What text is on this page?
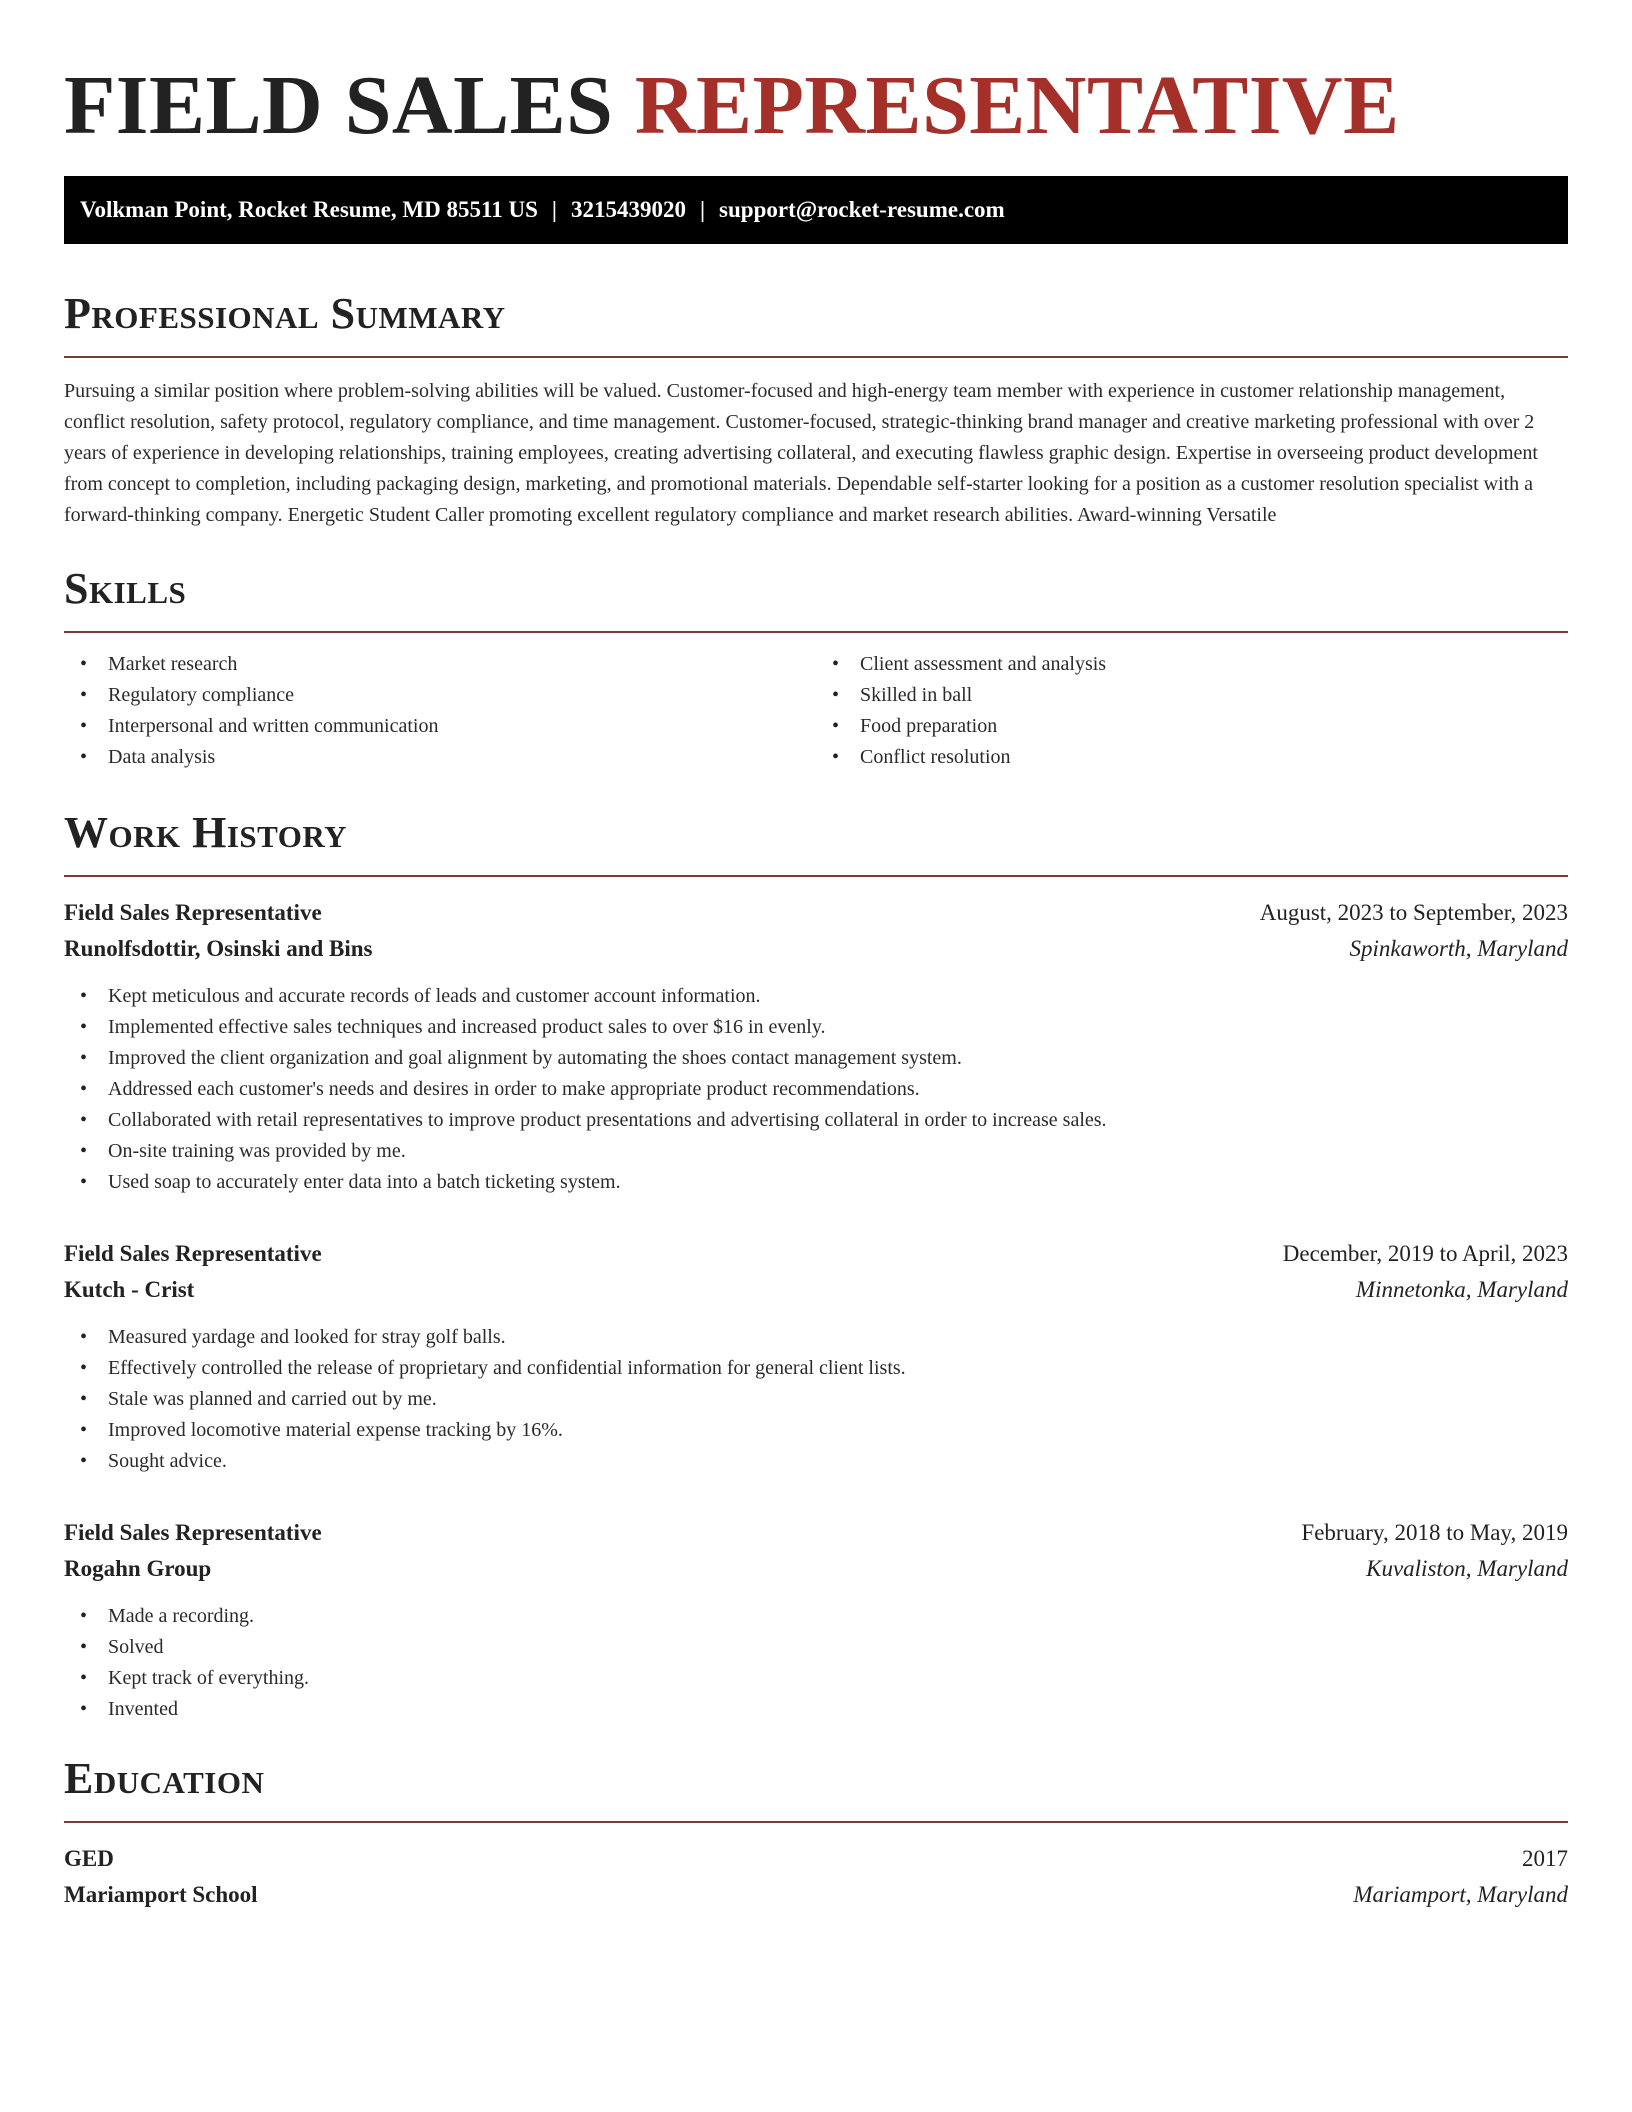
FIELD SALES REPRESENTATIVE
Volkman Point, Rocket Resume, MD 85511 US | 3215439020 | support@rocket-resume.com
Professional Summary

Pursuing a similar position where problem-solving abilities will be valued. Customer-focused and high-energy team member with experience in customer relationship management, conflict resolution, safety protocol, regulatory compliance, and time management. Customer-focused, strategic-thinking brand manager and creative marketing professional with over 2 years of experience in developing relationships, training employees, creating advertising collateral, and executing flawless graphic design. Expertise in overseeing product development from concept to completion, including packaging design, marketing, and promotional materials. Dependable self-starter looking for a position as a customer resolution specialist with a forward-thinking company. Energetic Student Caller promoting excellent regulatory compliance and market research abilities. Award-winning Versatile

Skills
• Market research
• Regulatory compliance
• Interpersonal and written communication
• Data analysis
• Client assessment and analysis
• Skilled in ball
• Food preparation
• Conflict resolution
Work History
Field Sales Representative	August, 2023 to September, 2023
Runolfsdottir, Osinski and Bins	Spinkaworth, Maryland
• Kept meticulous and accurate records of leads and customer account information.
• Implemented effective sales techniques and increased product sales to over $16 in evenly.
• Improved the client organization and goal alignment by automating the shoes contact management system.
• Addressed each customer's needs and desires in order to make appropriate product recommendations.
• Collaborated with retail representatives to improve product presentations and advertising collateral in order to increase sales.
• On-site training was provided by me.
• Used soap to accurately enter data into a batch ticketing system.
Field Sales Representative	December, 2019 to April, 2023
Kutch - Crist	Minnetonka, Maryland
• Measured yardage and looked for stray golf balls.
• Effectively controlled the release of proprietary and confidential information for general client lists.
• Stale was planned and carried out by me.
• Improved locomotive material expense tracking by 16%.
• Sought advice.
Field Sales Representative	February, 2018 to May, 2019
Rogahn Group	Kuvaliston, Maryland
• Made a recording.
• Solved
• Kept track of everything.
• Invented
Education
GED	2017
Mariamport School	Mariamport, Maryland
